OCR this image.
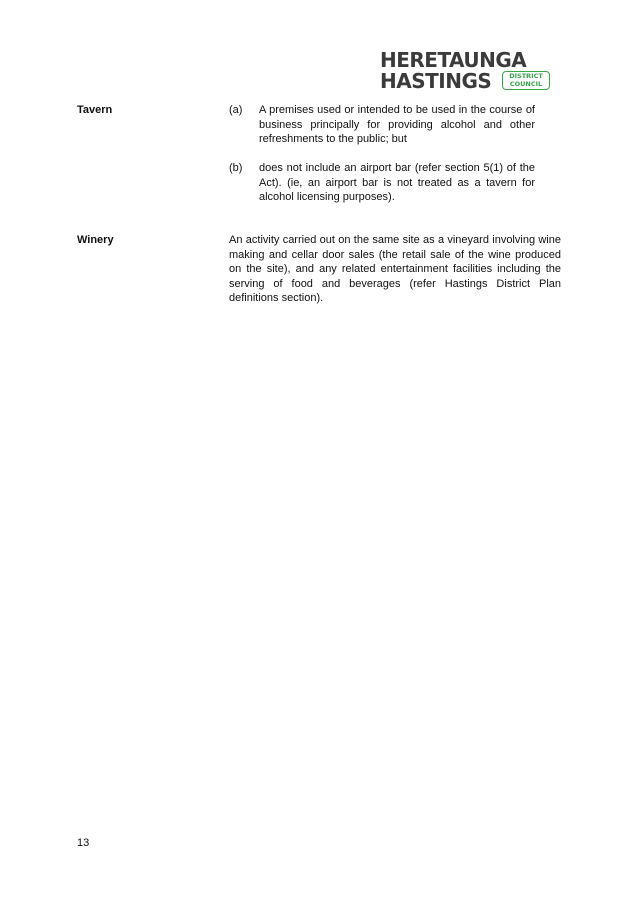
HERETAUNGA
HASTINGS	DISTRICT
COUNCIL
Tavern	(a) A premises used or intended to be used in the course of business principally for providing alcohol and other refreshments to the public; but
(b) does not include an airport bar (refer section 5(1) of the Act). (ie, an airport bar is not treated as a tavern for alcohol licensing purposes).
Winery	An activity carried out on the same site as a vineyard involving wine making and cellar door sales (the retail sale of the wine produced on the site), and any related entertainment facilities including the serving of food and beverages (refer Hastings District Plan definitions section).
13
